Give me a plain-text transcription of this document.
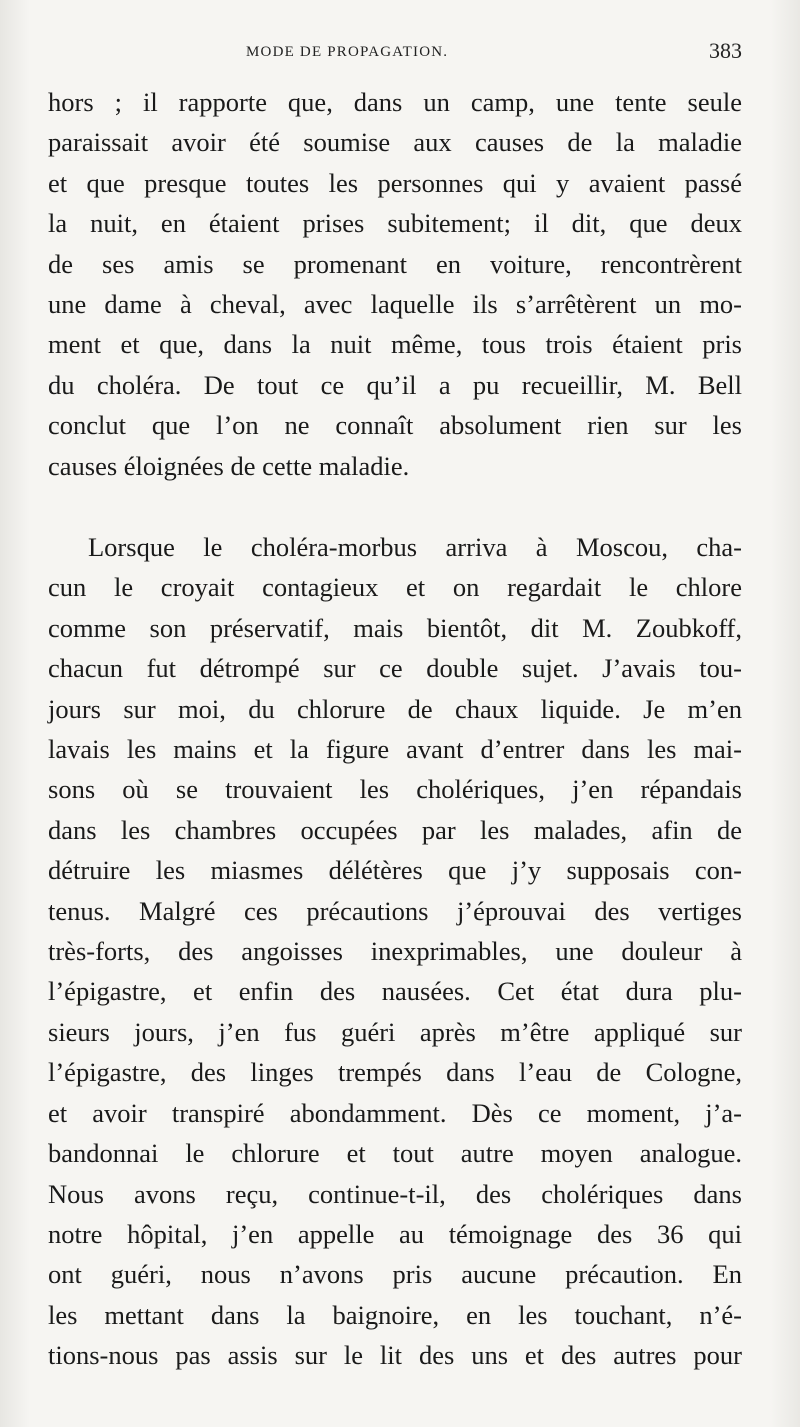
MODE DE PROPAGATION.	383
hors ; il rapporte que, dans un camp, une tente seule
paraissait avoir été soumise aux causes de la maladie
et que presque toutes les personnes qui y avaient passé
la nuit, en étaient prises subitement; il dit, que deux
de ses amis se promenant en voiture, rencontrèrent
une dame à cheval, avec laquelle ils s’arrêtèrent un mo-
ment et que, dans la nuit même, tous trois étaient pris
du choléra. De tout ce qu’il a pu recueillir, M. Bell
conclut que l’on ne connaît absolument rien sur les
causes éloignées de cette maladie.
Lorsque le choléra-morbus arriva à Moscou, cha-
cun le croyait contagieux et on regardait le chlore
comme son préservatif, mais bientôt, dit M. Zoubkoff,
chacun fut détrompé sur ce double sujet. J’avais tou-
jours sur moi, du chlorure de chaux liquide. Je m’en
lavais les mains et la figure avant d’entrer dans les mai-
sons où se trouvaient les cholériques, j’en répandais
dans les chambres occupées par les malades, afin de
détruire les miasmes délétères que j’y supposais con-
tenus. Malgré ces précautions j’éprouvai des vertiges
très-forts, des angoisses inexprimables, une douleur à
l’épigastre, et enfin des nausées. Cet état dura plu-
sieurs jours, j’en fus guéri après m’être appliqué sur
l’épigastre, des linges trempés dans l’eau de Cologne,
et avoir transpiré abondamment. Dès ce moment, j’a-
bandonnai le chlorure et tout autre moyen analogue.
Nous avons reçu, continue-t-il, des cholériques dans
notre hôpital, j’en appelle au témoignage des 36 qui
ont guéri, nous n’avons pris aucune précaution. En
les mettant dans la baignoire, en les touchant, n’é-
tions-nous pas assis sur le lit des uns et des autres pour
